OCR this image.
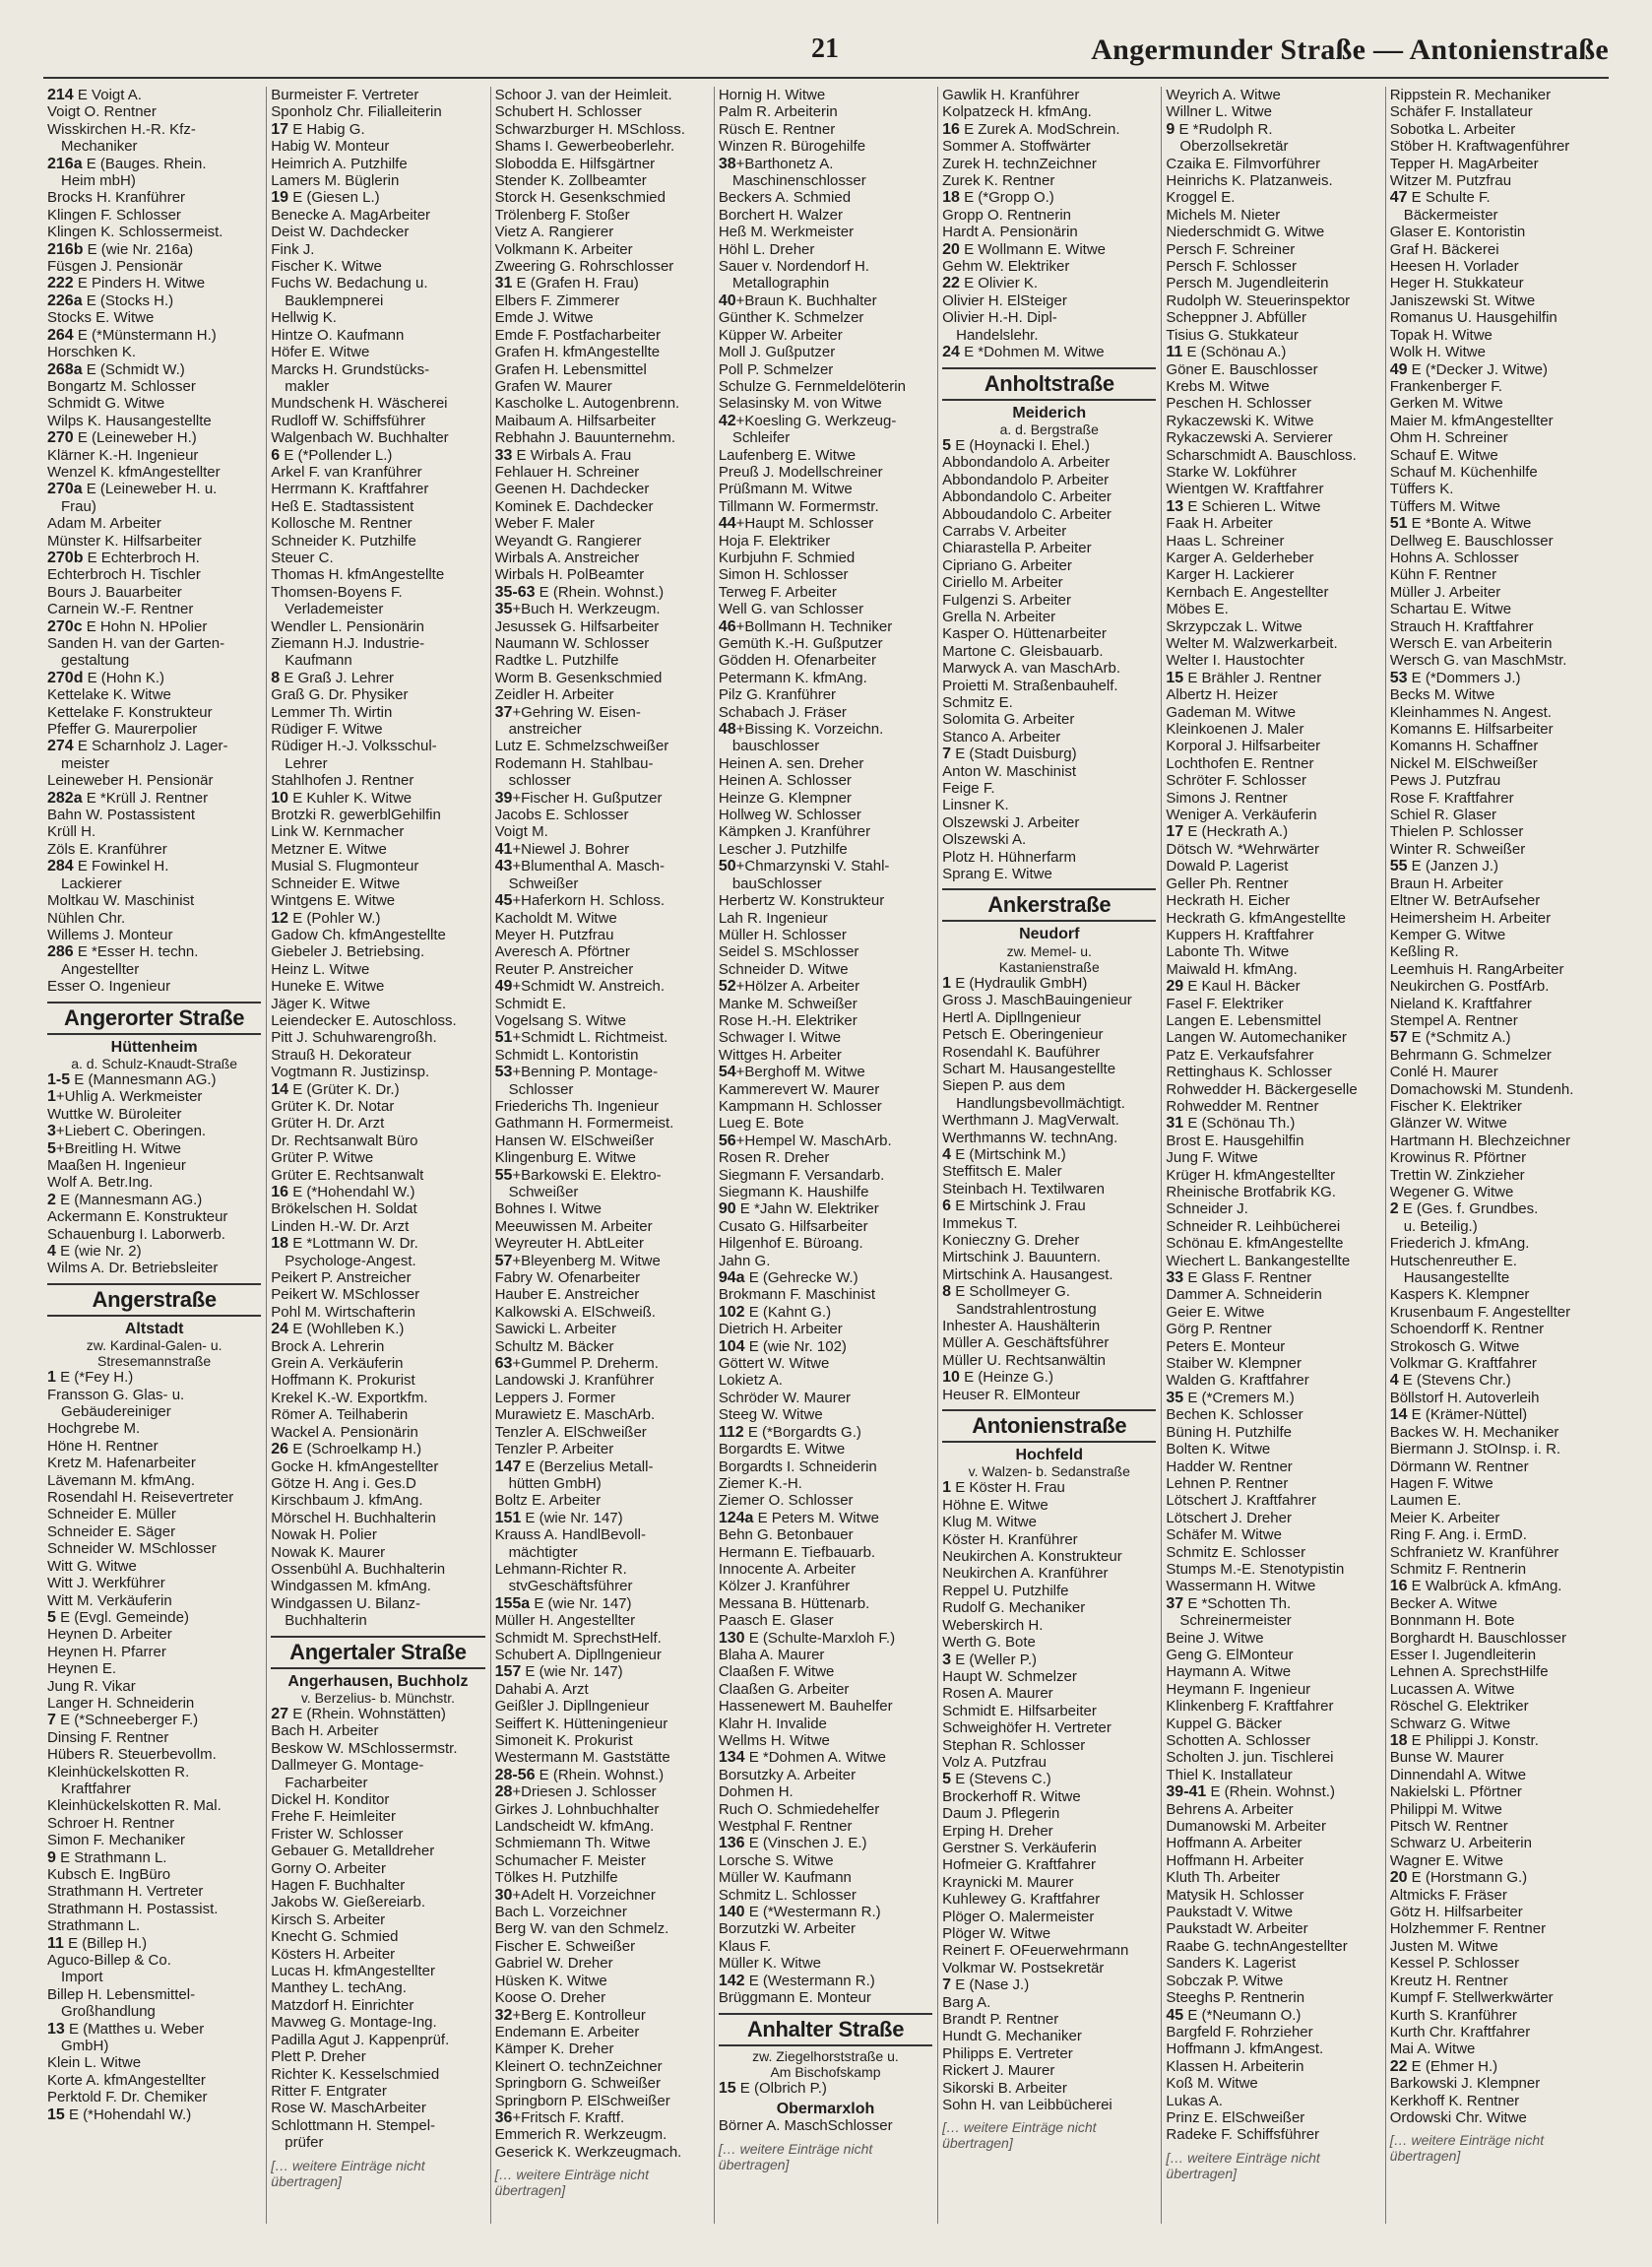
21	Angermunder Straße — Antonienstraße
214 E Voigt A.
Voigt O. Rentner
Wisskirchen H.-R. Kfz-
Mechaniker
216a E (Bauges. Rhein.
Heim mbH)
Brocks H. Kranführer
Klingen F. Schlosser
Klingen K. Schlossermeist.
216b E (wie Nr. 216a)
Füsgen J. Pensionär
222 E Pinders H. Witwe
226a E (Stocks H.)
Stocks E. Witwe
264 E (*Münstermann H.)
Horschken K.
268a E (Schmidt W.)
Bongartz M. Schlosser
Schmidt G. Witwe
Wilps K. Hausangestellte
270 E (Leineweber H.)
Klärner K.-H. Ingenieur
Wenzel K. kfmAngestellter
270a E (Leineweber H. u.
Frau)
Adam M. Arbeiter
Münster K. Hilfsarbeiter
270b E Echterbroch H.
Echterbroch H. Tischler
Bours J. Bauarbeiter
Carnein W.-F. Rentner
270c E Hohn N. HPolier
Sanden H. van der Garten-
gestaltung
270d E (Hohn K.)
Kettelake K. Witwe
Kettelake F. Konstrukteur
Pfeffer G. Maurerpolier
274 E Scharnholz J. Lager-
meister
Leineweber H. Pensionär
282a E *Krüll J. Rentner
Bahn W. Postassistent
Krüll H.
Zöls E. Kranführer
284 E Fowinkel H.
Lackierer
Moltkau W. Maschinist
Nühlen Chr.
Willems J. Monteur
286 E *Esser H. techn.
Angestellter
Esser O. Ingenieur
Angerorter Straße
Hüttenheim
a. d. Schulz-Knaudt-Straße
1-5 E (Mannesmann AG.)
1+Uhlig A. Werkmeister
Wuttke W. Büroleiter
3+Liebert C. Oberingen.
5+Breitling H. Witwe
Maaßen H. Ingenieur
Wolf A. Betr.Ing.
2 E (Mannesmann AG.)
Ackermann E. Konstrukteur
Schauenburg I. Laborwerb.
4 E (wie Nr. 2)
Wilms A. Dr. Betriebsleiter
Angerstraße
Altstadt
zw. Kardinal-Galen- u.
Stresemannstraße
1 E (*Fey H.)
Fransson G. Glas- u.
Gebäudereiniger
Hochgrebe M.
Höne H. Rentner
Kretz M. Hafenarbeiter
Lävemann M. kfmAng.
Rosendahl H. Reisevertreter
Schneider E. Müller
Schneider E. Säger
Schneider W. MSchlosser
Witt G. Witwe
Witt J. Werkführer
Witt M. Verkäuferin
5 E (Evgl. Gemeinde)
Heynen D. Arbeiter
Heynen H. Pfarrer
Heynen E.
Jung R. Vikar
Langer H. Schneiderin
7 E (*Schneeberger F.)
Dinsing F. Rentner
Hübers R. Steuerbevollm.
Kleinhückelskotten R.
Kraftfahrer
Kleinhückelskotten R. Mal.
Schroer H. Rentner
Simon F. Mechaniker
9 E Strathmann L.
Kubsch E. IngBüro
Strathmann H. Vertreter
Strathmann H. Postassist.
Strathmann L.
11 E (Billep H.)
Aguco-Billep & Co.
Import
Billep H. Lebensmittel-
Großhandlung
13 E (Matthes u. Weber
GmbH)
Klein L. Witwe
Korte A. kfmAngestellter
Perktold F. Dr. Chemiker
15 E (*Hohendahl W.)
Burmeister F. Vertreter
Sponholz Chr. Filialleiterin
17 E Habig G.
Habig W. Monteur
Heimrich A. Putzhilfe
Lamers M. Büglerin
19 E (Giesen L.)
Benecke A. MagArbeiter
Deist W. Dachdecker
Fink J.
Fischer K. Witwe
Fuchs W. Bedachung u.
Bauklempnerei
Hellwig K.
Hintze O. Kaufmann
Höfer E. Witwe
Marcks H. Grundstücks-
makler
Mundschenk H. Wäscherei
Rudloff W. Schiffsführer
Walgenbach W. Buchhalter
6 E (*Pollender L.)
Arkel F. van Kranführer
Herrmann K. Kraftfahrer
Heß E. Stadtassistent
Kollosche M. Rentner
Schneider K. Putzhilfe
Steuer C.
Thomas H. kfmAngestellte
Thomsen-Boyens F.
Verlademeister
Wendler L. Pensionärin
Ziemann H.J. Industrie-
Kaufmann
8 E Graß J. Lehrer
Graß G. Dr. Physiker
Lemmer Th. Wirtin
Rüdiger F. Witwe
Rüdiger H.-J. Volksschul-
Lehrer
Stahlhofen J. Rentner
10 E Kuhler K. Witwe
Brotzki R. gewerblGehilfin
Link W. Kernmacher
Metzner E. Witwe
Musial S. Flugmonteur
Schneider E. Witwe
Wintgens E. Witwe
12 E (Pohler W.)
Gadow Ch. kfmAngestellte
Giebeler J. Betriebsing.
Heinz L. Witwe
Huneke E. Witwe
Jäger K. Witwe
Leiendecker E. Autoschloss.
Pitt J. Schuhwarengroßh.
Strauß H. Dekorateur
Vogtmann R. Justizinsp.
14 E (Grüter K. Dr.)
Grüter K. Dr. Notar
Grüter H. Dr. Arzt
Dr. Rechtsanwalt Büro
Grüter P. Witwe
Grüter E. Rechtsanwalt
16 E (*Hohendahl W.)
Brökelschen H. Soldat
Linden H.-W. Dr. Arzt
18 E *Lottmann W. Dr.
Psychologe-Angest.
Peikert P. Anstreicher
Peikert W. MSchlosser
Pohl M. Wirtschafterin
24 E (Wohlleben K.)
Brock A. Lehrerin
Grein A. Verkäuferin
Hoffmann K. Prokurist
Krekel K.-W. Exportkfm.
Römer A. Teilhaberin
Wackel A. Pensionärin
26 E (Schroelkamp H.)
Gocke H. kfmAngestellter
Götze H. Ang i. Ges.D
Kirschbaum J. kfmAng.
Mörschel H. Buchhalterin
Nowak H. Polier
Nowak K. Maurer
Ossenbühl A. Buchhalterin
Windgassen M. kfmAng.
Windgassen U. Bilanz-
Buchhalterin
Angertaler Straße
Angerhausen, Buchholz
v. Berzelius- b. Münchstr.
27 E (Rhein. Wohnstätten)
Bach H. Arbeiter
Beskow W. MSchlossermstr.
Dallmeyer G. Montage-
Facharbeiter
Dickel H. Konditor
Frehe F. Heimleiter
Frister W. Schlosser
Gebauer G. Metalldreher
Gorny O. Arbeiter
Hagen F. Buchhalter
Jakobs W. Gießereiarb.
Kirsch S. Arbeiter
Knecht G. Schmied
Kösters H. Arbeiter
Lucas H. kfmAngestellter
Manthey L. techAng.
Matzdorf H. Einrichter
Mavweg G. Montage-Ing.
Padilla Agut J. Kappenprüf.
Plett P. Dreher
Richter K. Kesselschmied
Ritter F. Entgrater
Rose W. MaschArbeiter
Schlottmann H. Stempel-
prüfer
[… weitere Einträge nicht übertragen]
Schoor J. van der Heimleit.
Schubert H. Schlosser
Schwarzburger H. MSchloss.
Shams I. Gewerbeoberlehr.
Slobodda E. Hilfsgärtner
Stender K. Zollbeamter
Storck H. Gesenkschmied
Trölenberg F. Stoßer
Vietz A. Rangierer
Volkmann K. Arbeiter
Zweering G. Rohrschlosser
31 E (Grafen H. Frau)
Elbers F. Zimmerer
Emde J. Witwe
Emde F. Postfacharbeiter
Grafen H. kfmAngestellte
Grafen H. Lebensmittel
Grafen W. Maurer
Kascholke L. Autogenbrenn.
Maibaum A. Hilfsarbeiter
Rebhahn J. Bauunternehm.
33 E Wirbals A. Frau
Fehlauer H. Schreiner
Geenen H. Dachdecker
Kominek E. Dachdecker
Weber F. Maler
Weyandt G. Rangierer
Wirbals A. Anstreicher
Wirbals H. PolBeamter
35-63 E (Rhein. Wohnst.)
35+Buch H. Werkzeugm.
Jesussek G. Hilfsarbeiter
Naumann W. Schlosser
Radtke L. Putzhilfe
Worm B. Gesenkschmied
Zeidler H. Arbeiter
37+Gehring W. Eisen-
anstreicher
Lutz E. Schmelzschweißer
Rodemann H. Stahlbau-
schlosser
39+Fischer H. Gußputzer
Jacobs E. Schlosser
Voigt M.
41+Niewel J. Bohrer
43+Blumenthal A. Masch-
Schweißer
45+Haferkorn H. Schloss.
Kacholdt M. Witwe
Meyer H. Putzfrau
Averesch A. Pförtner
Reuter P. Anstreicher
49+Schmidt W. Anstreich.
Schmidt E.
Vogelsang S. Witwe
51+Schmidt L. Richtmeist.
Schmidt L. Kontoristin
53+Benning P. Montage-
Schlosser
Friederichs Th. Ingenieur
Gathmann H. Formermeist.
Hansen W. ElSchweißer
Klingenburg E. Witwe
55+Barkowski E. Elektro-
Schweißer
Bohnes I. Witwe
Meeuwissen M. Arbeiter
Weyreuter H. AbtLeiter
57+Bleyenberg M. Witwe
Fabry W. Ofenarbeiter
Hauber E. Anstreicher
Kalkowski A. ElSchweiß.
Sawicki L. Arbeiter
Schultz M. Bäcker
63+Gummel P. Dreherm.
Landowski J. Kranführer
Leppers J. Former
Murawietz E. MaschArb.
Tenzler A. ElSchweißer
Tenzler P. Arbeiter
147 E (Berzelius Metall-
hütten GmbH)
Boltz E. Arbeiter
151 E (wie Nr. 147)
Krauss A. HandlBevoll-
mächtigter
Lehmann-Richter R.
stvGeschäftsführer
155a E (wie Nr. 147)
Müller H. Angestellter
Schmidt M. SprechstHelf.
Schubert A. Dipllngenieur
157 E (wie Nr. 147)
Dahabi A. Arzt
Geißler J. Dipllngenieur
Seiffert K. Hütteningenieur
Simoneit K. Prokurist
Westermann M. Gaststätte
28-56 E (Rhein. Wohnst.)
28+Driesen J. Schlosser
Girkes J. Lohnbuchhalter
Landscheidt W. kfmAng.
Schmiemann Th. Witwe
Schumacher F. Meister
Tölkes H. Putzhilfe
30+Adelt H. Vorzeichner
Bach L. Vorzeichner
Berg W. van den Schmelz.
Fischer E. Schweißer
Gabriel W. Dreher
Hüsken K. Witwe
Koose O. Dreher
32+Berg E. Kontrolleur
Endemann E. Arbeiter
Kämper K. Dreher
Kleinert O. technZeichner
Springborn G. Schweißer
Springborn P. ElSchweißer
36+Fritsch F. Kraftf.
Emmerich R. Werkzeugm.
Geserick K. Werkzeugmach.
[… weitere Einträge nicht übertragen]
Hornig H. Witwe
Palm R. Arbeiterin
Rüsch E. Rentner
Winzen R. Bürogehilfe
38+Barthonetz A.
Maschinenschlosser
Beckers A. Schmied
Borchert H. Walzer
Heß M. Werkmeister
Höhl L. Dreher
Sauer v. Nordendorf H.
Metallographin
40+Braun K. Buchhalter
Günther K. Schmelzer
Küpper W. Arbeiter
Moll J. Gußputzer
Poll P. Schmelzer
Schulze G. Fernmeldelöterin
Selasinsky M. von Witwe
42+Koesling G. Werkzeug-
Schleifer
Laufenberg E. Witwe
Preuß J. Modellschreiner
Prüßmann M. Witwe
Tillmann W. Formermstr.
44+Haupt M. Schlosser
Hoja F. Elektriker
Kurbjuhn F. Schmied
Simon H. Schlosser
Terweg F. Arbeiter
Well G. van Schlosser
46+Bollmann H. Techniker
Gemüth K.-H. Gußputzer
Gödden H. Ofenarbeiter
Petermann K. kfmAng.
Pilz G. Kranführer
Schabach J. Fräser
48+Bissing K. Vorzeichn.
bauschlosser
Heinen A. sen. Dreher
Heinen A. Schlosser
Heinze G. Klempner
Hollweg W. Schlosser
Kämpken J. Kranführer
Lescher J. Putzhilfe
50+Chmarzynski V. Stahl-
bauSchlosser
Herbertz W. Konstrukteur
Lah R. Ingenieur
Müller H. Schlosser
Seidel S. MSchlosser
Schneider D. Witwe
52+Hölzer A. Arbeiter
Manke M. Schweißer
Rose H.-H. Elektriker
Schwager I. Witwe
Wittges H. Arbeiter
54+Berghoff M. Witwe
Kammerevert W. Maurer
Kampmann H. Schlosser
Lueg E. Bote
56+Hempel W. MaschArb.
Rosen R. Dreher
Siegmann F. Versandarb.
Siegmann K. Haushilfe
90 E *Jahn W. Elektriker
Cusato G. Hilfsarbeiter
Hilgenhof E. Büroang.
Jahn G.
94a E (Gehrecke W.)
Brokmann F. Maschinist
102 E (Kahnt G.)
Dietrich H. Arbeiter
104 E (wie Nr. 102)
Göttert W. Witwe
Lokietz A.
Schröder W. Maurer
Steeg W. Witwe
112 E (*Borgardts G.)
Borgardts E. Witwe
Borgardts I. Schneiderin
Ziemer K.-H.
Ziemer O. Schlosser
124a E Peters M. Witwe
Behn G. Betonbauer
Hermann E. Tiefbauarb.
Innocente A. Arbeiter
Kölzer J. Kranführer
Messana B. Hüttenarb.
Paasch E. Glaser
130 E (Schulte-Marxloh F.)
Blaha A. Maurer
Claaßen F. Witwe
Claaßen G. Arbeiter
Hassenewert M. Bauhelfer
Klahr H. Invalide
Wellms H. Witwe
134 E *Dohmen A. Witwe
Borsutzky A. Arbeiter
Dohmen H.
Ruch O. Schmiedehelfer
Westphal F. Rentner
136 E (Vinschen J. E.)
Lorsche S. Witwe
Müller W. Kaufmann
Schmitz L. Schlosser
140 E (*Westermann R.)
Borzutzki W. Arbeiter
Klaus F.
Müller K. Witwe
142 E (Westermann R.)
Brüggmann E. Monteur
Anhalter Straße
zw. Ziegelhorststraße u.
Am Bischofskamp
15 E (Olbrich P.)
Obermarxloh
Börner A. MaschSchlosser
[… weitere Einträge nicht übertragen]
Gawlik H. Kranführer
Kolpatzeck H. kfmAng.
16 E Zurek A. ModSchrein.
Sommer A. Stoffwärter
Zurek H. technZeichner
Zurek K. Rentner
18 E (*Gropp O.)
Gropp O. Rentnerin
Hardt A. Pensionärin
20 E Wollmann E. Witwe
Gehm W. Elektriker
22 E Olivier K.
Olivier H. ElSteiger
Olivier H.-H. Dipl-
Handelslehr.
24 E *Dohmen M. Witwe
Anholtstraße
Meiderich
a. d. Bergstraße
5 E (Hoynacki I. Ehel.)
Abbondandolo A. Arbeiter
Abbondandolo P. Arbeiter
Abbondandolo C. Arbeiter
Abboudandolo C. Arbeiter
Carrabs V. Arbeiter
Chiarastella P. Arbeiter
Cipriano G. Arbeiter
Ciriello M. Arbeiter
Fulgenzi S. Arbeiter
Grella N. Arbeiter
Kasper O. Hüttenarbeiter
Martone C. Gleisbauarb.
Marwyck A. van MaschArb.
Proietti M. Straßenbauhelf.
Schmitz E.
Solomita G. Arbeiter
Stanco A. Arbeiter
7 E (Stadt Duisburg)
Anton W. Maschinist
Feige F.
Linsner K.
Olszewski J. Arbeiter
Olszewski A.
Plotz H. Hühnerfarm
Sprang E. Witwe
Ankerstraße
Neudorf
zw. Memel- u.
Kastanienstraße
1 E (Hydraulik GmbH)
Gross J. MaschBauingenieur
Hertl A. Dipllngenieur
Petsch E. Oberingenieur
Rosendahl K. Bauführer
Schart M. Hausangestellte
Siepen P. aus dem
Handlungsbevollmächtigt.
Werthmann J. MagVerwalt.
Werthmanns W. technAng.
4 E (Mirtschink M.)
Steffitsch E. Maler
Steinbach H. Textilwaren
6 E Mirtschink J. Frau
Immekus T.
Konieczny G. Dreher
Mirtschink J. Bauuntern.
Mirtschink A. Hausangest.
8 E Schollmeyer G.
Sandstrahlentrostung
Inhester A. Haushälterin
Müller A. Geschäftsführer
Müller U. Rechtsanwältin
10 E (Heinze G.)
Heuser R. ElMonteur
Antonienstraße
Hochfeld
v. Walzen- b. Sedanstraße
1 E Köster H. Frau
Höhne E. Witwe
Klug M. Witwe
Köster H. Kranführer
Neukirchen A. Konstrukteur
Neukirchen A. Kranführer
Reppel U. Putzhilfe
Rudolf G. Mechaniker
Weberskirch H.
Werth G. Bote
3 E (Weller P.)
Haupt W. Schmelzer
Rosen A. Maurer
Schmidt E. Hilfsarbeiter
Schweighöfer H. Vertreter
Stephan R. Schlosser
Volz A. Putzfrau
5 E (Stevens C.)
Brockerhoff R. Witwe
Daum J. Pflegerin
Erping H. Dreher
Gerstner S. Verkäuferin
Hofmeier G. Kraftfahrer
Kraynicki M. Maurer
Kuhlewey G. Kraftfahrer
Plöger O. Malermeister
Plöger W. Witwe
Reinert F. OFeuerwehrmann
Volkmar W. Postsekretär
7 E (Nase J.)
Barg A.
Brandt P. Rentner
Hundt G. Mechaniker
Philipps E. Vertreter
Rickert J. Maurer
Sikorski B. Arbeiter
Sohn H. van Leibbücherei
[… weitere Einträge nicht übertragen]
Weyrich A. Witwe
Willner L. Witwe
9 E *Rudolph R.
Oberzollsekretär
Czaika E. Filmvorführer
Heinrichs K. Platzanweis.
Kroggel E.
Michels M. Nieter
Niederschmidt G. Witwe
Persch F. Schreiner
Persch F. Schlosser
Persch M. Jugendleiterin
Rudolph W. Steuerinspektor
Scheppner J. Abfüller
Tisius G. Stukkateur
11 E (Schönau A.)
Göner E. Bauschlosser
Krebs M. Witwe
Peschen H. Schlosser
Rykaczewski K. Witwe
Rykaczewski A. Servierer
Scharschmidt A. Bauschloss.
Starke W. Lokführer
Wientgen W. Kraftfahrer
13 E Schieren L. Witwe
Faak H. Arbeiter
Haas L. Schreiner
Karger A. Gelderheber
Karger H. Lackierer
Kernbach E. Angestellter
Möbes E.
Skrzypczak L. Witwe
Welter M. Walzwerkarbeit.
Welter I. Haustochter
15 E Brähler J. Rentner
Albertz H. Heizer
Gademan M. Witwe
Kleinkoenen J. Maler
Korporal J. Hilfsarbeiter
Lochthofen E. Rentner
Schröter F. Schlosser
Simons J. Rentner
Weniger A. Verkäuferin
17 E (Heckrath A.)
Dötsch W. *Wehrwärter
Dowald P. Lagerist
Geller Ph. Rentner
Heckrath H. Eicher
Heckrath G. kfmAngestellte
Kuppers H. Kraftfahrer
Labonte Th. Witwe
Maiwald H. kfmAng.
29 E Kaul H. Bäcker
Fasel F. Elektriker
Langen E. Lebensmittel
Langen W. Automechaniker
Patz E. Verkaufsfahrer
Rettinghaus K. Schlosser
Rohwedder H. Bäckergeselle
Rohwedder M. Rentner
31 E (Schönau Th.)
Brost E. Hausgehilfin
Jung F. Witwe
Krüger H. kfmAngestellter
Rheinische Brotfabrik KG.
Schneider J.
Schneider R. Leihbücherei
Schönau E. kfmAngestellte
Wiechert L. Bankangestellte
33 E Glass F. Rentner
Dammer A. Schneiderin
Geier E. Witwe
Görg P. Rentner
Peters E. Monteur
Staiber W. Klempner
Walden G. Kraftfahrer
35 E (*Cremers M.)
Bechen K. Schlosser
Büning H. Putzhilfe
Bolten K. Witwe
Hadder W. Rentner
Lehnen P. Rentner
Lötschert J. Kraftfahrer
Lötschert J. Dreher
Schäfer M. Witwe
Schmitz E. Schlosser
Stumps M.-E. Stenotypistin
Wassermann H. Witwe
37 E *Schotten Th.
Schreinermeister
Beine J. Witwe
Geng G. ElMonteur
Haymann A. Witwe
Heymann F. Ingenieur
Klinkenberg F. Kraftfahrer
Kuppel G. Bäcker
Schotten A. Schlosser
Scholten J. jun. Tischlerei
Thiel K. Installateur
39-41 E (Rhein. Wohnst.)
Behrens A. Arbeiter
Dumanowski M. Arbeiter
Hoffmann A. Arbeiter
Hoffmann H. Arbeiter
Kluth Th. Arbeiter
Matysik H. Schlosser
Paukstadt V. Witwe
Paukstadt W. Arbeiter
Raabe G. technAngestellter
Sanders K. Lagerist
Sobczak P. Witwe
Steeghs P. Rentnerin
45 E (*Neumann O.)
Bargfeld F. Rohrzieher
Hoffmann J. kfmAngest.
Klassen H. Arbeiterin
Koß M. Witwe
Lukas A.
Prinz E. ElSchweißer
Radeke F. Schiffsführer
[… weitere Einträge nicht übertragen]
Rippstein R. Mechaniker
Schäfer F. Installateur
Sobotka L. Arbeiter
Stöber H. Kraftwagenführer
Tepper H. MagArbeiter
Witzer M. Putzfrau
47 E Schulte F.
Bäckermeister
Glaser E. Kontoristin
Graf H. Bäckerei
Heesen H. Vorlader
Heger H. Stukkateur
Janiszewski St. Witwe
Romanus U. Hausgehilfin
Topak H. Witwe
Wolk H. Witwe
49 E (*Decker J. Witwe)
Frankenberger F.
Gerken M. Witwe
Maier M. kfmAngestellter
Ohm H. Schreiner
Schauf E. Witwe
Schauf M. Küchenhilfe
Tüffers K.
Tüffers M. Witwe
51 E *Bonte A. Witwe
Dellweg E. Bauschlosser
Hohns A. Schlosser
Kühn F. Rentner
Müller J. Arbeiter
Schartau E. Witwe
Strauch H. Kraftfahrer
Wersch E. van Arbeiterin
Wersch G. van MaschMstr.
53 E (*Dommers J.)
Becks M. Witwe
Kleinhammes N. Angest.
Komanns E. Hilfsarbeiter
Komanns H. Schaffner
Nickel M. ElSchweißer
Pews J. Putzfrau
Rose F. Kraftfahrer
Schiel R. Glaser
Thielen P. Schlosser
Winter R. Schweißer
55 E (Janzen J.)
Braun H. Arbeiter
Eltner W. BetrAufseher
Heimersheim H. Arbeiter
Kemper G. Witwe
Keßling R.
Leemhuis H. RangArbeiter
Neukirchen G. PostfArb.
Nieland K. Kraftfahrer
Stempel A. Rentner
57 E (*Schmitz A.)
Behrmann G. Schmelzer
Conlé H. Maurer
Domachowski M. Stundenh.
Fischer K. Elektriker
Glänzer W. Witwe
Hartmann H. Blechzeichner
Krowinus R. Pförtner
Trettin W. Zinkzieher
Wegener G. Witwe
2 E (Ges. f. Grundbes.
u. Beteilig.)
Friederich J. kfmAng.
Hutschenreuther E.
Hausangestellte
Kaspers K. Klempner
Krusenbaum F. Angestellter
Schoendorff K. Rentner
Strokosch G. Witwe
Volkmar G. Kraftfahrer
4 E (Stevens Chr.)
Böllstorf H. Autoverleih
14 E (Krämer-Nüttel)
Backes W. H. Mechaniker
Biermann J. StOInsp. i. R.
Dörmann W. Rentner
Hagen F. Witwe
Laumen E.
Meier K. Arbeiter
Ring F. Ang. i. ErmD.
Schfranietz W. Kranführer
Schmitz F. Rentnerin
16 E Walbrück A. kfmAng.
Becker A. Witwe
Bonnmann H. Bote
Borghardt H. Bauschlosser
Esser I. Jugendleiterin
Lehnen A. SprechstHilfe
Lucassen A. Witwe
Röschel G. Elektriker
Schwarz G. Witwe
18 E Philippi J. Konstr.
Bunse W. Maurer
Dinnendahl A. Witwe
Nakielski L. Pförtner
Philippi M. Witwe
Pitsch W. Rentner
Schwarz U. Arbeiterin
Wagner E. Witwe
20 E (Horstmann G.)
Altmicks F. Fräser
Götz H. Hilfsarbeiter
Holzhemmer F. Rentner
Justen M. Witwe
Kessel P. Schlosser
Kreutz H. Rentner
Kumpf F. Stellwerkwärter
Kurth S. Kranführer
Kurth Chr. Kraftfahrer
Mai A. Witwe
22 E (Ehmer H.)
Barkowski J. Klempner
Kerkhoff K. Rentner
Ordowski Chr. Witwe
[… weitere Einträge nicht übertragen]
